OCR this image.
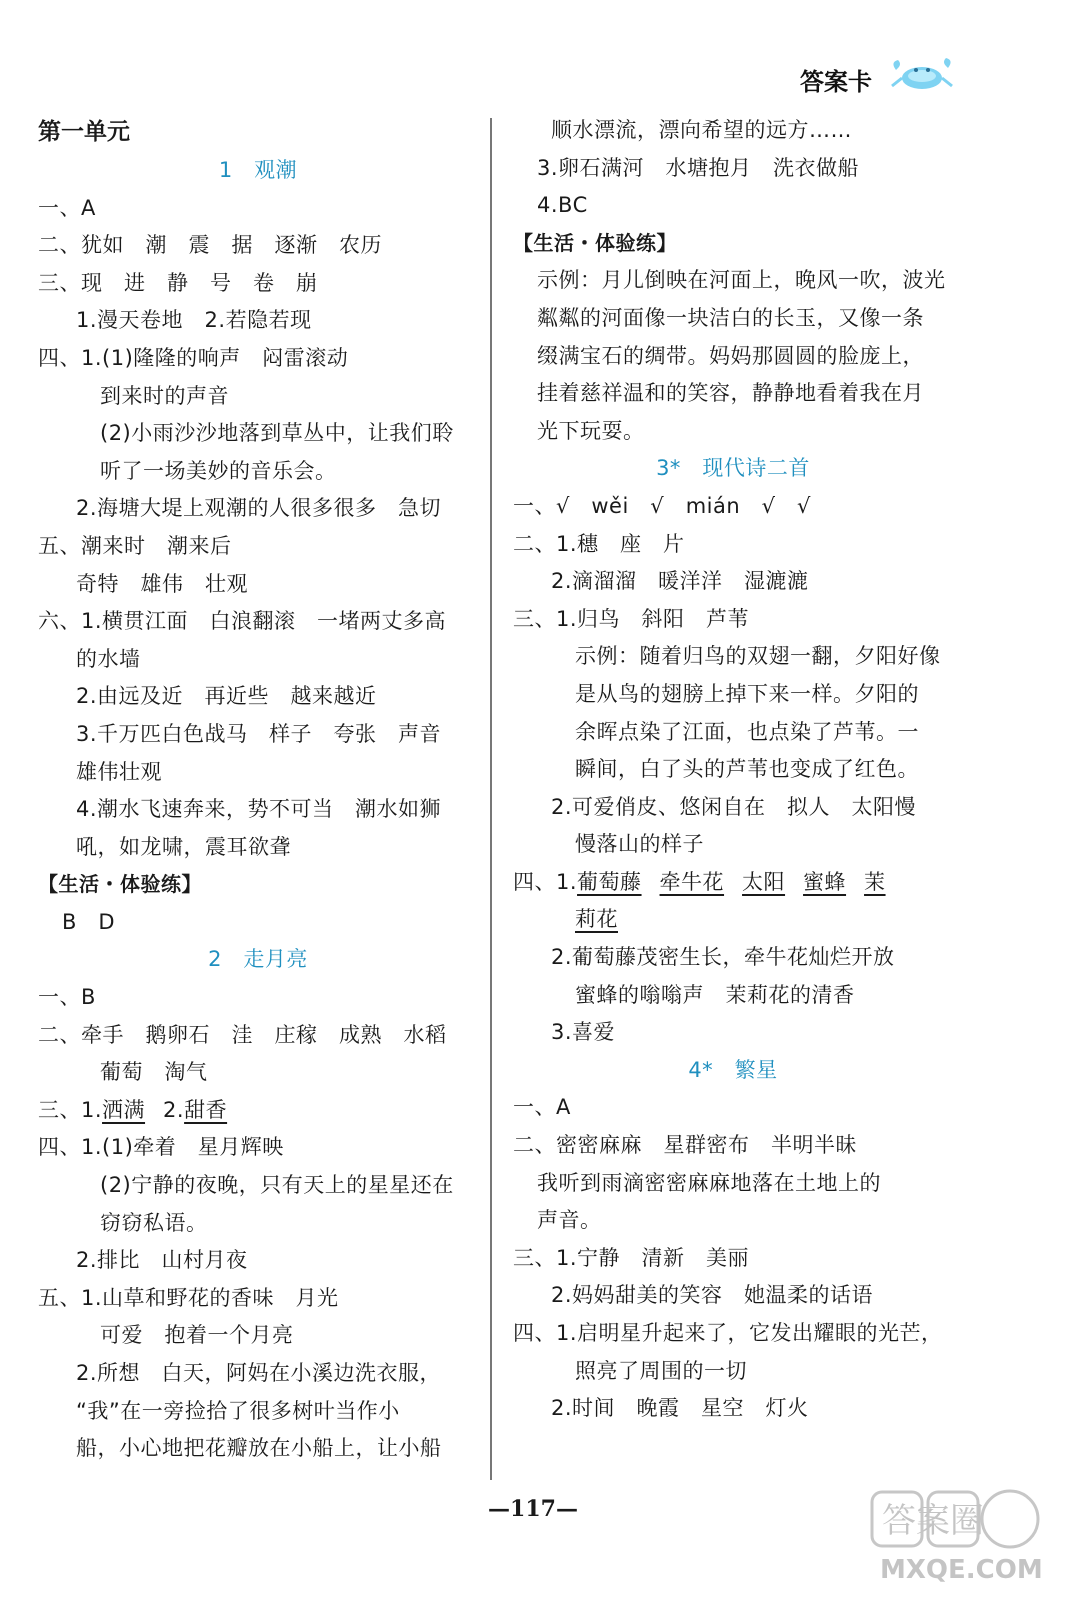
答案卡
第一单元
1　观潮
一、A
二、犹如　潮　震　据　逐渐　农历
三、现　进　静　号　卷　崩
1.漫天卷地　2.若隐若现
四、1.(1)隆隆的响声　闷雷滚动
到来时的声音
(2)小雨沙沙地落到草丛中，让我们聆
听了一场美妙的音乐会。
2.海塘大堤上观潮的人很多很多　急切
五、潮来时　潮来后
奇特　雄伟　壮观
六、1.横贯江面　白浪翻滚　一堵两丈多高
的水墙
2.由远及近　再近些　越来越近
3.千万匹白色战马　样子　夸张　声音
雄伟壮观
4.潮水飞速奔来，势不可当　潮水如狮
吼，如龙啸，震耳欲聋
【生活・体验练】
B　D
2　走月亮
一、B
二、牵手　鹅卵石　洼　庄稼　成熟　水稻
葡萄　淘气
三、1.洒满 2.甜香
四、1.(1)牵着　星月辉映
(2)宁静的夜晚，只有天上的星星还在
窃窃私语。
2.排比　山村月夜
五、1.山草和野花的香味　月光
可爱　抱着一个月亮
2.所想　白天，阿妈在小溪边洗衣服，
“我”在一旁捡拾了很多树叶当作小
船，小心地把花瓣放在小船上，让小船
顺水漂流，漂向希望的远方……
3.卵石满河　水塘抱月　洗衣做船
4.BC
【生活・体验练】
示例：月儿倒映在河面上，晚风一吹，波光
粼粼的河面像一块洁白的长玉，又像一条
缀满宝石的绸带。妈妈那圆圆的脸庞上，
挂着慈祥温和的笑容，静静地看着我在月
光下玩耍。
3*　现代诗二首
一、√　wěi　√　mián　√　√
二、1.穗　座　片
2.滴溜溜　暖洋洋　湿漉漉
三、1.归鸟　斜阳　芦苇
示例：随着归鸟的双翅一翻，夕阳好像
是从鸟的翅膀上掉下来一样。夕阳的
余晖点染了江面，也点染了芦苇。一
瞬间，白了头的芦苇也变成了红色。
2.可爱俏皮、悠闲自在　拟人　太阳慢
慢落山的样子
四、1.葡萄藤 牵牛花 太阳 蜜蜂 茉
莉花
2.葡萄藤茂密生长，牵牛花灿烂开放
蜜蜂的嗡嗡声　茉莉花的清香
3.喜爱
4*　繁星
一、A
二、密密麻麻　星群密布　半明半昧
我听到雨滴密密麻麻地落在土地上的
声音。
三、1.宁静　清新　美丽
2.妈妈甜美的笑容　她温柔的话语
四、1.启明星升起来了，它发出耀眼的光芒，
照亮了周围的一切
2.时间　晚霞　星空　灯火
—117—	答案圈
MXQE.COM
